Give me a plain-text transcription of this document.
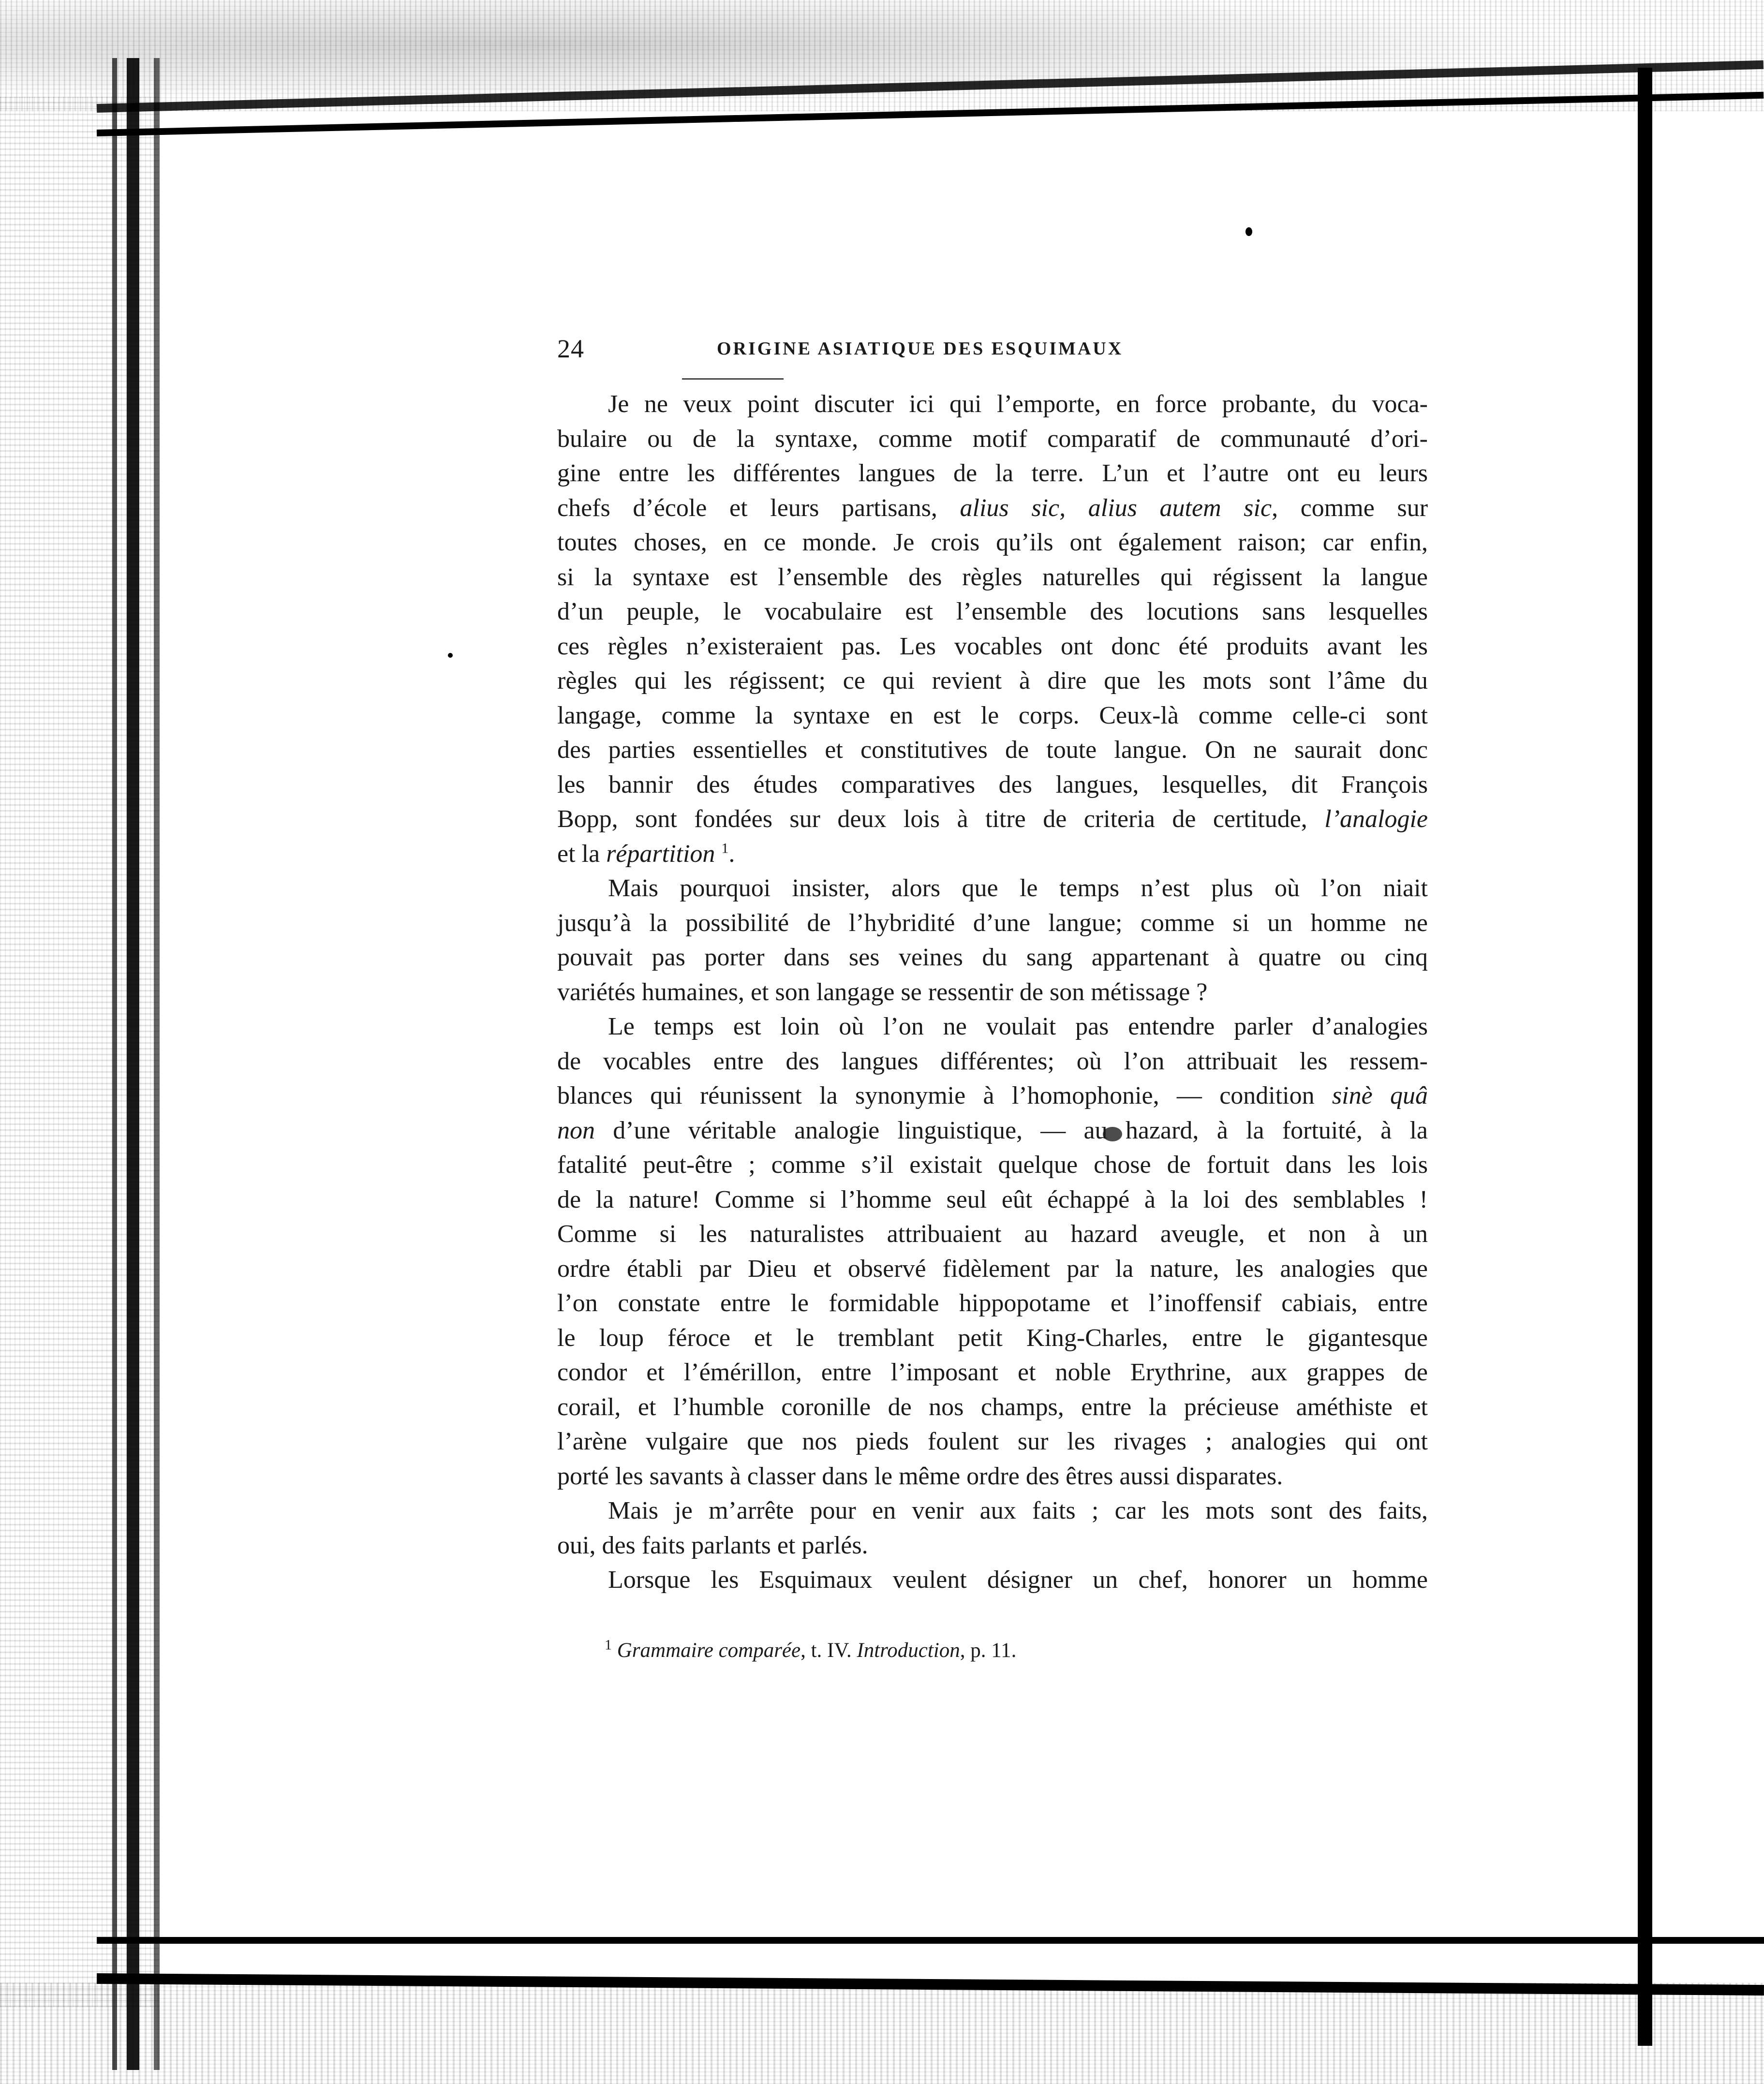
24	ORIGINE ASIATIQUE DES ESQUIMAUX
Je ne veux point discuter ici qui l’emporte, en force probante, du voca-
bulaire ou de la syntaxe, comme motif comparatif de communauté d’ori-
gine entre les différentes langues de la terre. L’un et l’autre ont eu leurs
chefs d’école et leurs partisans, alius sic, alius autem sic, comme sur
toutes choses, en ce monde. Je crois qu’ils ont également raison; car enfin,
si la syntaxe est l’ensemble des règles naturelles qui régissent la langue
d’un peuple, le vocabulaire est l’ensemble des locutions sans lesquelles
ces règles n’existeraient pas. Les vocables ont donc été produits avant les
règles qui les régissent; ce qui revient à dire que les mots sont l’âme du
langage, comme la syntaxe en est le corps. Ceux-là comme celle-ci sont
des parties essentielles et constitutives de toute langue. On ne saurait donc
les bannir des études comparatives des langues, lesquelles, dit François
Bopp, sont fondées sur deux lois à titre de criteria de certitude, l’analogie
et la répartition $^1$.
Mais pourquoi insister, alors que le temps n’est plus où l’on niait
jusqu’à la possibilité de l’hybridité d’une langue; comme si un homme ne
pouvait pas porter dans ses veines du sang appartenant à quatre ou cinq
variétés humaines, et son langage se ressentir de son métissage ?
Le temps est loin où l’on ne voulait pas entendre parler d’analogies
de vocables entre des langues différentes; où l’on attribuait les ressem-
blances qui réunissent la synonymie à l’homophonie, — condition sinè quâ
non d’une véritable analogie linguistique, — au hazard, à la fortuité, à la
fatalité peut-être ; comme s’il existait quelque chose de fortuit dans les lois
de la nature! Comme si l’homme seul eût échappé à la loi des semblables !
Comme si les naturalistes attribuaient au hazard aveugle, et non à un
ordre établi par Dieu et observé fidèlement par la nature, les analogies que
l’on constate entre le formidable hippopotame et l’inoffensif cabiais, entre
le loup féroce et le tremblant petit King-Charles, entre le gigantesque
condor et l’émérillon, entre l’imposant et noble Erythrine, aux grappes de
corail, et l’humble coronille de nos champs, entre la précieuse améthiste et
l’arène vulgaire que nos pieds foulent sur les rivages ; analogies qui ont
porté les savants à classer dans le même ordre des êtres aussi disparates.
Mais je m’arrête pour en venir aux faits ; car les mots sont des faits,
oui, des faits parlants et parlés.
Lorsque les Esquimaux veulent désigner un chef, honorer un homme
$^1$ Grammaire comparée, t. IV. Introduction, p. 11.
